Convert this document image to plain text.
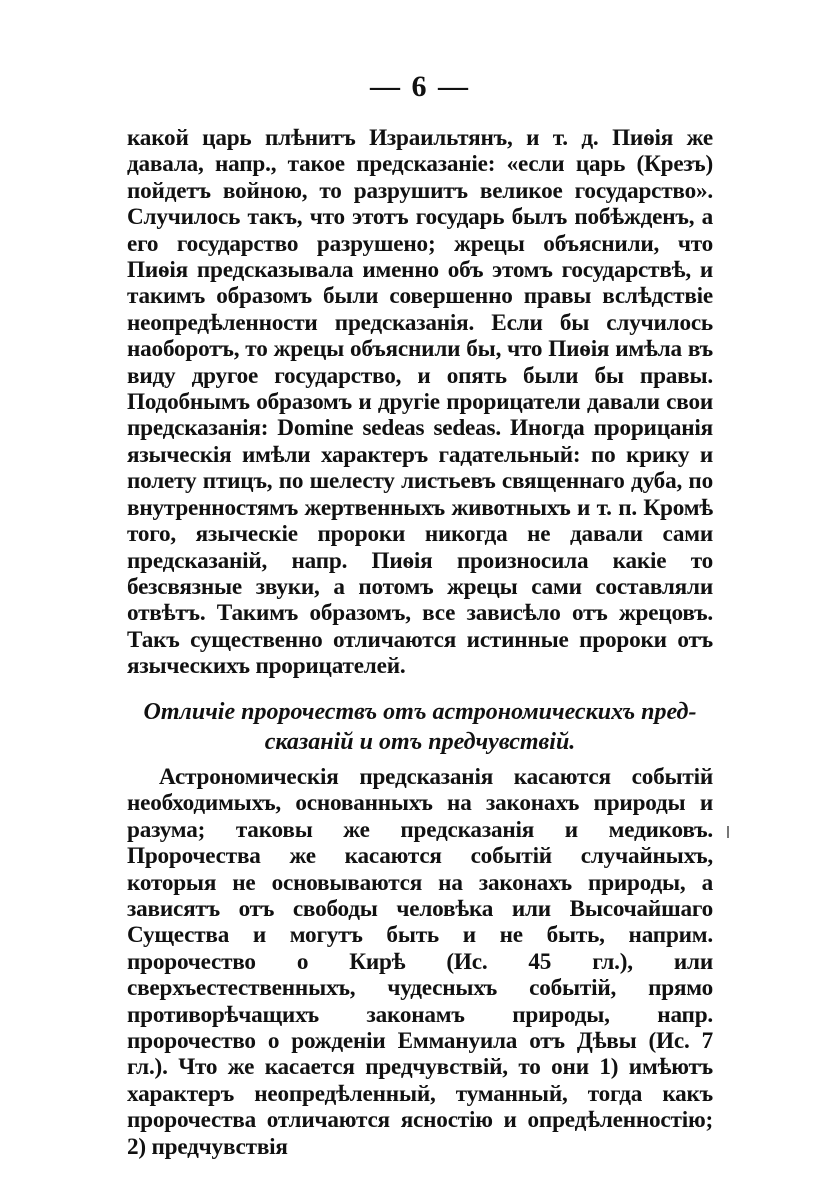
— 6 —

какой царь плѣнитъ Израильтянъ, и т. д. Пиѳія же давала, напр., такое предсказаніе: «если царь (Крезъ) пойдетъ войною, то разрушитъ великое государство». Случилось такъ, что этотъ государь былъ побѣжденъ, а его государство разрушено; жрецы объяснили, что Пиѳія предсказывала именно объ этомъ государствѣ, и такимъ образомъ были совершенно правы вслѣдствіе неопредѣленности предсказанія. Если бы случилось наоборотъ, то жрецы объяснили бы, что Пиѳія имѣла въ виду другое государство, и опять были бы правы. Подобнымъ образомъ и другіе прорицатели давали свои предсказанія: Domine sedeas sedeas. Иногда прорицанія языческія имѣли характеръ гадательный: по крику и полету птицъ, по шелесту листьевъ священнаго дуба, по внутренностямъ жертвенныхъ животныхъ и т. п. Кромѣ того, языческіе пророки никогда не давали сами предсказаній, напр. Пиѳія произносила какіе то безсвязные звуки, а потомъ жрецы сами составляли отвѣтъ. Такимъ образомъ, все зависѣло отъ жрецовъ. Такъ существенно отличаются истинные пророки отъ языческихъ прорицателей.

Отличіе пророчествъ отъ астрономическихъ пред-
сказаній и отъ предчувствій.

Астрономическія предсказанія касаются событій необходимыхъ, основанныхъ на законахъ природы и разума; таковы же предсказанія и медиковъ. Пророчества же касаются событій случайныхъ, которыя не основываются на законахъ природы, а зависятъ отъ свободы человѣка или Высочайшаго Существа и могутъ быть и не быть, наприм. пророчество о Кирѣ (Ис. 45 гл.), или сверхъестественныхъ, чудесныхъ событій, прямо противорѣчащихъ законамъ природы, напр. пророчество о рожденіи Еммануила отъ Дѣвы (Ис. 7 гл.). Что же касается предчувствій, то они 1) имѣютъ характеръ неопредѣленный, туманный, тогда какъ пророчества отличаются ясностію и опредѣленностію; 2) предчувствія
